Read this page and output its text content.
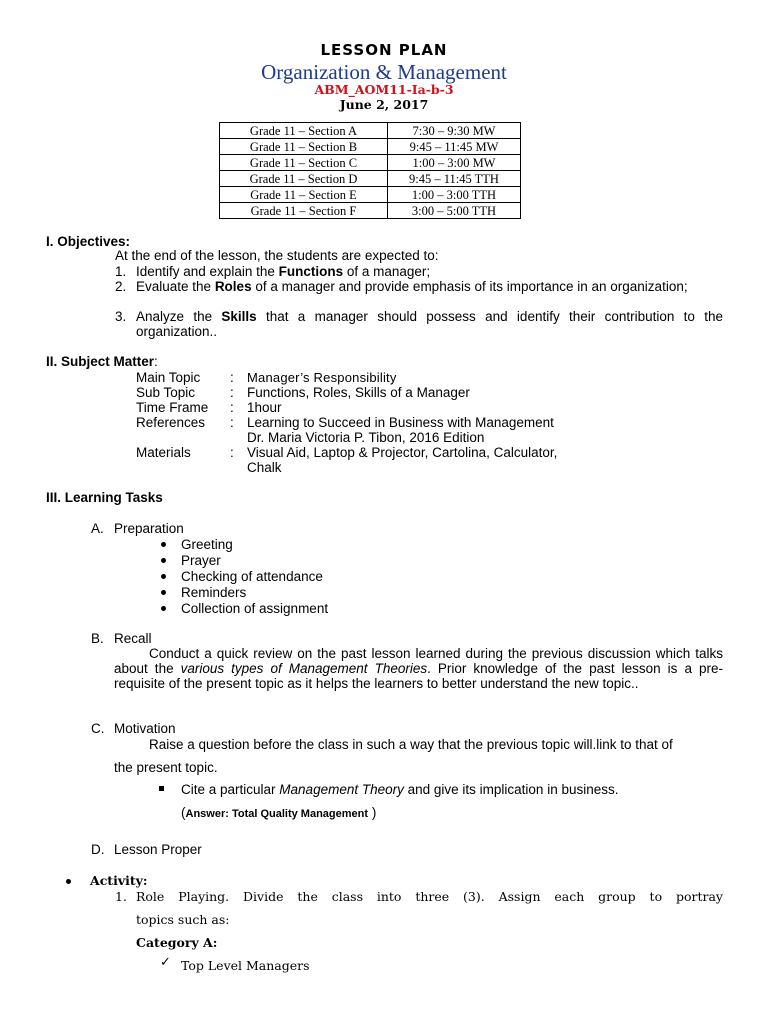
LESSON PLAN
Organization & Management
ABM_AOM11-Ia-b-3
June 2, 2017
Grade 11 – Section A	7:30 – 9:30 MW
Grade 11 – Section B	9:45 – 11:45 MW
Grade 11 – Section C	1:00 – 3:00 MW
Grade 11 – Section D	9:45 – 11:45 TTH
Grade 11 – Section E	1:00 – 3:00 TTH
Grade 11 – Section F	3:00 – 5:00 TTH
I. Objectives:
At the end of the lesson, the students are expected to:
1. Identify and explain the Functions of a manager;
2. Evaluate the Roles of a manager and provide emphasis of its importance in an organization;
3. Analyze the Skills that a manager should possess and identify their contribution to the organization..
II. Subject Matter:
Main Topic : Manager’s Responsibility
Sub Topic	: Functions, Roles, Skills of a Manager
Time Frame : 1hour
References : Learning to Succeed in Business with Management
Dr. Maria Victoria P. Tibon, 2016 Edition
Materials	: Visual Aid, Laptop & Projector, Cartolina, Calculator,
Chalk
III. Learning Tasks
A. Preparation
Greeting
Prayer
Checking of attendance
Reminders
Collection of assignment
B. Recall
Conduct a quick review on the past lesson learned during the previous discussion which talks about the various types of Management Theories. Prior knowledge of the past lesson is a pre-requisite of the present topic as it helps the learners to better understand the new topic..
C. Motivation
Raise a question before the class in such a way that the previous topic will.link to that of
the present topic.
Cite a particular Management Theory and give its implication in business.
(Answer: Total Quality Management )
D. Lesson Proper
Activity:
1. Role Playing. Divide the class into three (3). Assign each group to portray
topics such as:
Category A:
✓ Top Level Managers
